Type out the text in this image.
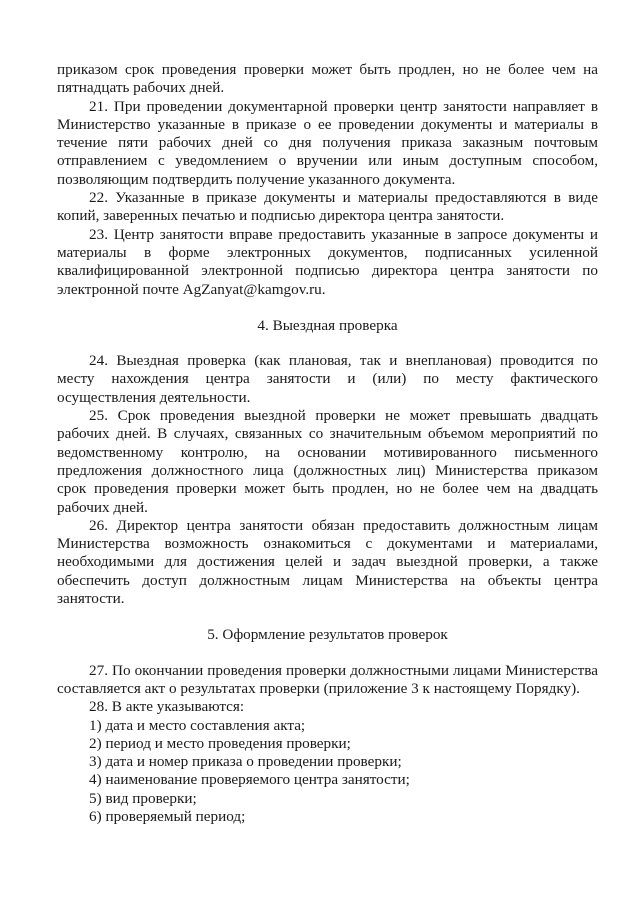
приказом срок проведения проверки может быть продлен, но не более чем на

пятнадцать рабочих дней.

21. При проведении документарной проверки центр занятости направляет в

Министерство указанные в приказе о ее проведении документы и материалы в

течение пяти рабочих дней со дня получения приказа заказным почтовым

отправлением с уведомлением о вручении или иным доступным способом,

позволяющим подтвердить получение указанного документа.

22. Указанные в приказе документы и материалы предоставляются в виде

копий, заверенных печатью и подписью директора центра занятости.

23. Центр занятости вправе предоставить указанные в запросе документы и

материалы в форме электронных документов, подписанных усиленной

квалифицированной электронной подписью директора центра занятости по

электронной почте AgZanyat@kamgov.ru.

4. Выездная проверка

24. Выездная проверка (как плановая, так и внеплановая) проводится по

месту нахождения центра занятости и (или) по месту фактического

осуществления деятельности.

25. Срок проведения выездной проверки не может превышать двадцать

рабочих дней. В случаях, связанных со значительным объемом мероприятий по

ведомственному контролю, на основании мотивированного письменного

предложения должностного лица (должностных лиц) Министерства приказом

срок проведения проверки может быть продлен, но не более чем на двадцать

рабочих дней.

26. Директор центра занятости обязан предоставить должностным лицам

Министерства возможность ознакомиться с документами и материалами,

необходимыми для достижения целей и задач выездной проверки, а также

обеспечить доступ должностным лицам Министерства на объекты центра

занятости.

5. Оформление результатов проверок

27. По окончании проведения проверки должностными лицами Министерства

составляется акт о результатах проверки (приложение 3 к настоящему Порядку).

28. В акте указываются:

1) дата и место составления акта;

2) период и место проведения проверки;

3) дата и номер приказа о проведении проверки;

4) наименование проверяемого центра занятости;

5) вид проверки;

6) проверяемый период;
